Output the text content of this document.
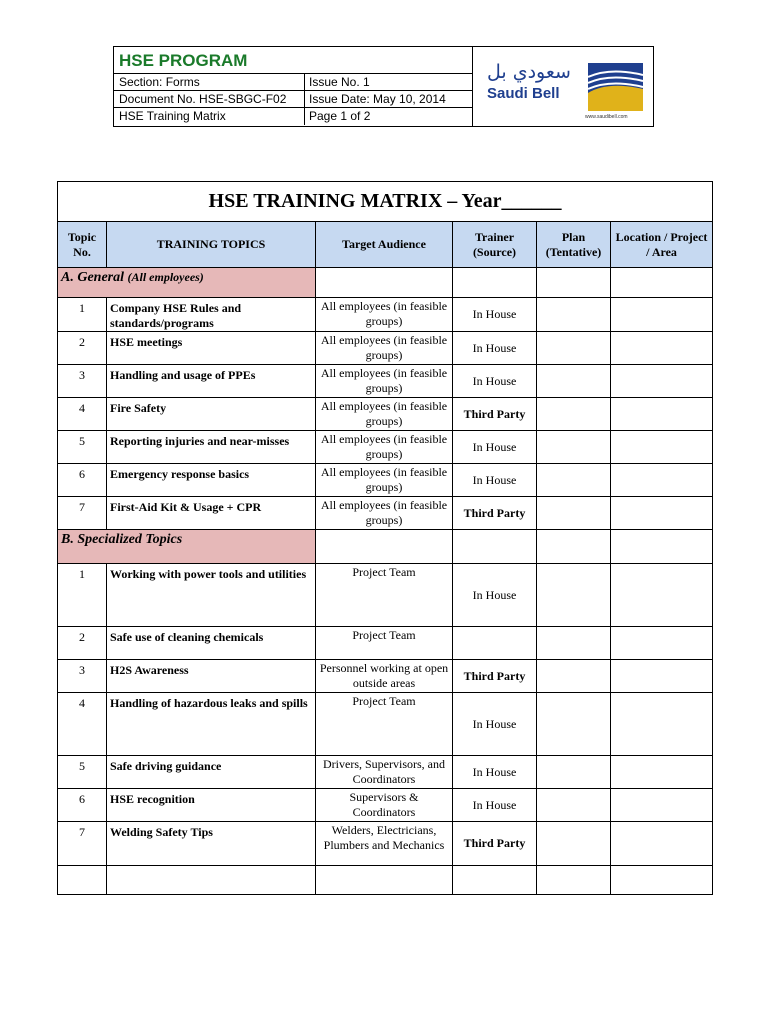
HSE PROGRAM
Section: Forms	Issue No. 1
Document No. HSE-SBGC-F02	Issue Date: May 10, 2014
HSE Training Matrix	Page 1 of 2
سعودي بل
Saudi Bell
www.saudibell.com
HSE TRAINING MATRIX – Year______					
Topic No.	TRAINING TOPICS	Target Audience	Trainer (Source)	Plan (Tentative)	Location / Project / Area
A. General (All employees)					
1	Company HSE Rules and standards/programs	All employees (in feasible groups)	In House		
2	HSE meetings	All employees (in feasible groups)	In House		
3	Handling and usage of PPEs	All employees (in feasible groups)	In House		
4	Fire Safety	All employees (in feasible groups)	Third Party		
5	Reporting injuries and near-misses	All employees (in feasible groups)	In House		
6	Emergency response basics	All employees (in feasible groups)	In House		
7	First-Aid Kit & Usage + CPR	All employees (in feasible groups)	Third Party		
B. Specialized Topics					
1	Working with power tools and utilities	Project Team	In House		
2	Safe use of cleaning chemicals	Project Team			
3	H2S Awareness	Personnel working at open outside areas	Third Party		
4	Handling of hazardous leaks and spills	Project Team	In House		
5	Safe driving guidance	Drivers, Supervisors, and Coordinators	In House		
6	HSE recognition	Supervisors & Coordinators	In House		
7	Welding Safety Tips	Welders, Electricians, Plumbers and Mechanics	Third Party		
